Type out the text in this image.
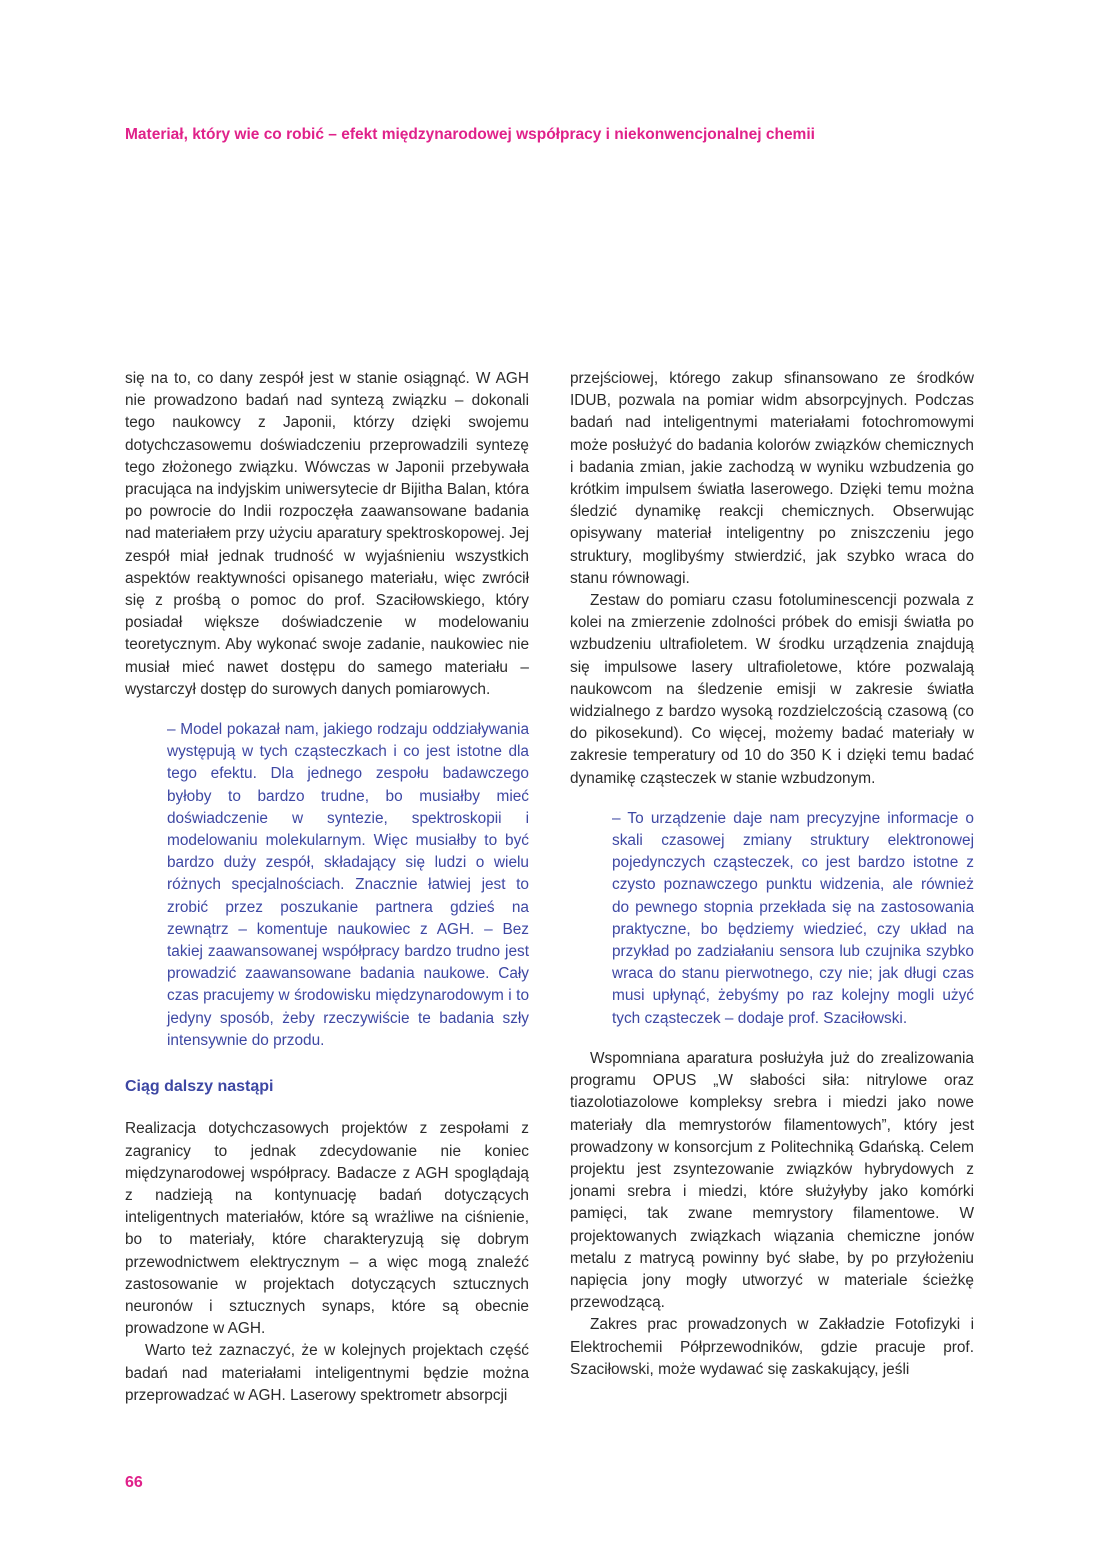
Materiał, który wie co robić – efekt międzynarodowej współpracy i niekonwencjonalnej chemii

się na to, co dany zespół jest w stanie osiągnąć. W AGH nie prowadzono badań nad syntezą związku – dokonali tego naukowcy z Japonii, którzy dzięki swojemu dotychczasowemu doświadczeniu przeprowadzili syntezę tego złożonego związku. Wówczas w Japonii przebywała pracująca na indyjskim uniwersytecie dr Bijitha Balan, która po powrocie do Indii rozpoczęła zaawansowane badania nad materiałem przy użyciu aparatury spektroskopowej. Jej zespół miał jednak trudność w wyjaśnieniu wszystkich aspektów reaktywności opisanego materiału, więc zwrócił się z prośbą o pomoc do prof. Szaciłowskiego, który posiadał większe doświadczenie w modelowaniu teoretycznym. Aby wykonać swoje zadanie, naukowiec nie musiał mieć nawet dostępu do samego materiału – wystarczył dostęp do surowych danych pomiarowych.

– Model pokazał nam, jakiego rodzaju oddziaływania występują w tych cząsteczkach i co jest istotne dla tego efektu. Dla jednego zespołu badawczego byłoby to bardzo trudne, bo musiałby mieć doświadczenie w syntezie, spektroskopii i modelowaniu molekularnym. Więc musiałby to być bardzo duży zespół, składający się ludzi o wielu różnych specjalnościach. Znacznie łatwiej jest to zrobić przez poszukanie partnera gdzieś na zewnątrz – komentuje naukowiec z AGH. – Bez takiej zaawansowanej współpracy bardzo trudno jest prowadzić zaawansowane badania naukowe. Cały czas pracujemy w środowisku międzynarodowym i to jedyny sposób, żeby rzeczywiście te badania szły intensywnie do przodu.

Ciąg dalszy nastąpi

Realizacja dotychczasowych projektów z zespołami z zagranicy to jednak zdecydowanie nie koniec międzynarodowej współpracy. Badacze z AGH spoglądają z nadzieją na kontynuację badań dotyczących inteligentnych materiałów, które są wrażliwe na ciśnienie, bo to materiały, które charakteryzują się dobrym przewodnictwem elektrycznym – a więc mogą znaleźć zastosowanie w projektach dotyczących sztucznych neuronów i sztucznych synaps, które są obecnie prowadzone w AGH.

Warto też zaznaczyć, że w kolejnych projektach część badań nad materiałami inteligentnymi będzie można przeprowadzać w AGH. Laserowy spektrometr absorpcji

przejściowej, którego zakup sfinansowano ze środków IDUB, pozwala na pomiar widm absorpcyjnych. Podczas badań nad inteligentnymi materiałami fotochromowymi może posłużyć do badania kolorów związków chemicznych i badania zmian, jakie zachodzą w wyniku wzbudzenia go krótkim impulsem światła laserowego. Dzięki temu można śledzić dynamikę reakcji chemicznych. Obserwując opisywany materiał inteligentny po zniszczeniu jego struktury, moglibyśmy stwierdzić, jak szybko wraca do stanu równowagi.

Zestaw do pomiaru czasu fotoluminescencji pozwala z kolei na zmierzenie zdolności próbek do emisji światła po wzbudzeniu ultrafioletem. W środku urządzenia znajdują się impulsowe lasery ultrafioletowe, które pozwalają naukowcom na śledzenie emisji w zakresie światła widzialnego z bardzo wysoką rozdzielczością czasową (co do pikosekund). Co więcej, możemy badać materiały w zakresie temperatury od 10 do 350 K i dzięki temu badać dynamikę cząsteczek w stanie wzbudzonym.

– To urządzenie daje nam precyzyjne informacje o skali czasowej zmiany struktury elektronowej pojedynczych cząsteczek, co jest bardzo istotne z czysto poznawczego punktu widzenia, ale również do pewnego stopnia przekłada się na zastosowania praktyczne, bo będziemy wiedzieć, czy układ na przykład po zadziałaniu sensora lub czujnika szybko wraca do stanu pierwotnego, czy nie; jak długi czas musi upłynąć, żebyśmy po raz kolejny mogli użyć tych cząsteczek – dodaje prof. Szaciłowski.

Wspomniana aparatura posłużyła już do zrealizowania programu OPUS „W słabości siła: nitrylowe oraz tiazolotiazolowe kompleksy srebra i miedzi jako nowe materiały dla memrystorów filamentowych”, który jest prowadzony w konsorcjum z Politechniką Gdańską. Celem projektu jest zsyntezowanie związków hybrydowych z jonami srebra i miedzi, które służyłyby jako komórki pamięci, tak zwane memrystory filamentowe. W projektowanych związkach wiązania chemiczne jonów metalu z matrycą powinny być słabe, by po przyłożeniu napięcia jony mogły utworzyć w materiale ścieżkę przewodzącą.

Zakres prac prowadzonych w Zakładzie Fotofizyki i Elektrochemii Półprzewodników, gdzie pracuje prof. Szaciłowski, może wydawać się zaskakujący, jeśli

66
